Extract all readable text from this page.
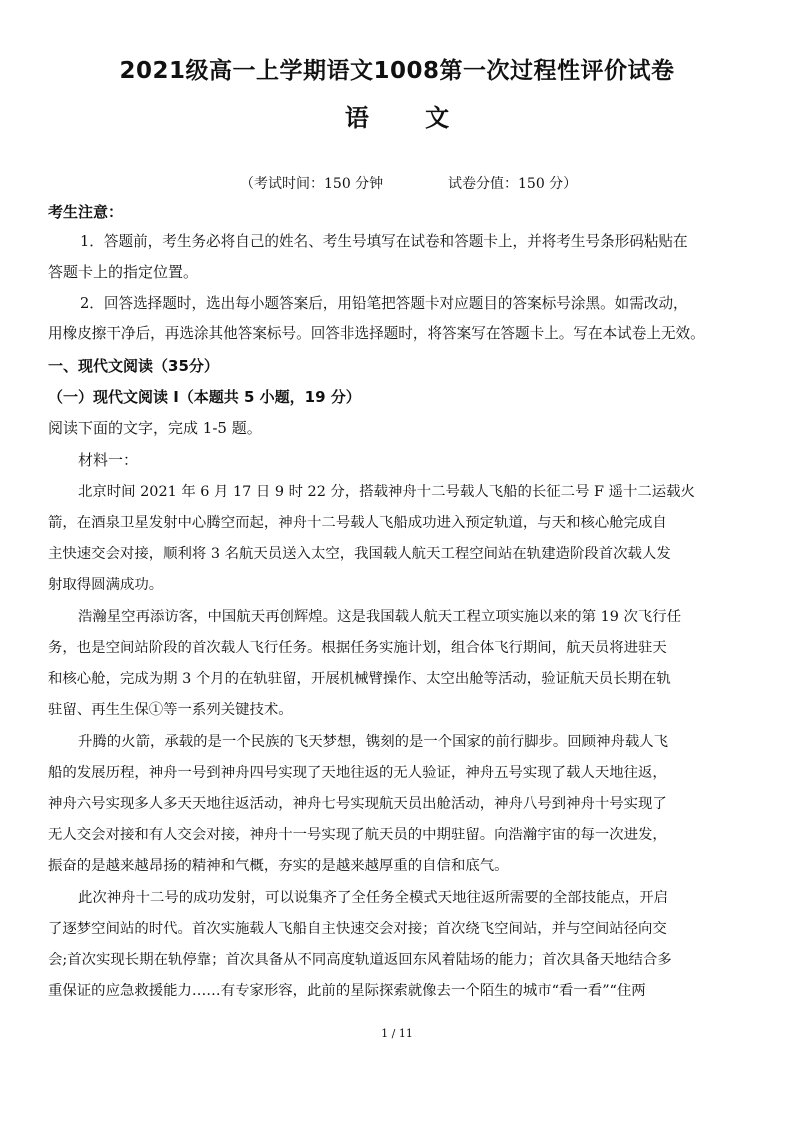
2021级高一上学期语文1008第一次过程性评价试卷
语 文
（考试时间：150 分钟	试卷分值：150 分）
考生注意：
1．答题前，考生务必将自己的姓名、考生号填写在试卷和答题卡上，并将考生号条形码粘贴在
答题卡上的指定位置。
2．回答选择题时，选出每小题答案后，用铅笔把答题卡对应题目的答案标号涂黑。如需改动，
用橡皮擦干净后，再选涂其他答案标号。回答非选择题时，将答案写在答题卡上。写在本试卷上无效。
一、现代文阅读（35分）
（一）现代文阅读 I（本题共 5 小题，19 分）
阅读下面的文字，完成 1-5 题。
材料一：
北京时间 2021 年 6 月 17 日 9 时 22 分，搭载神舟十二号载人飞船的长征二号 F 遥十二运载火
箭，在酒泉卫星发射中心腾空而起，神舟十二号载人飞船成功进入预定轨道，与天和核心舱完成自
主快速交会对接，顺利将 3 名航天员送入太空，我国载人航天工程空间站在轨建造阶段首次载人发
射取得圆满成功。
浩瀚星空再添访客，中国航天再创辉煌。这是我国载人航天工程立项实施以来的第 19 次飞行任
务，也是空间站阶段的首次载人飞行任务。根据任务实施计划，组合体飞行期间，航天员将进驻天
和核心舱，完成为期 3 个月的在轨驻留，开展机械臂操作、太空出舱等活动，验证航天员长期在轨
驻留、再生生保①等一系列关键技术。
升腾的火箭，承载的是一个民族的飞天梦想，镌刻的是一个国家的前行脚步。回顾神舟载人飞
船的发展历程，神舟一号到神舟四号实现了天地往返的无人验证，神舟五号实现了载人天地往返，
神舟六号实现多人多天天地往返活动，神舟七号实现航天员出舱活动，神舟八号到神舟十号实现了
无人交会对接和有人交会对接，神舟十一号实现了航天员的中期驻留。向浩瀚宇宙的每一次进发，
振奋的是越来越昂扬的精神和气概，夯实的是越来越厚重的自信和底气。
此次神舟十二号的成功发射，可以说集齐了全任务全模式天地往返所需要的全部技能点，开启
了逐梦空间站的时代。首次实施载人飞船自主快速交会对接；首次绕飞空间站，并与空间站径向交
会;首次实现长期在轨停靠；首次具备从不同高度轨道返回东风着陆场的能力；首次具备天地结合多
重保证的应急救援能力……有专家形容，此前的星际探索就像去一个陌生的城市“看一看”“住两
1 / 11
